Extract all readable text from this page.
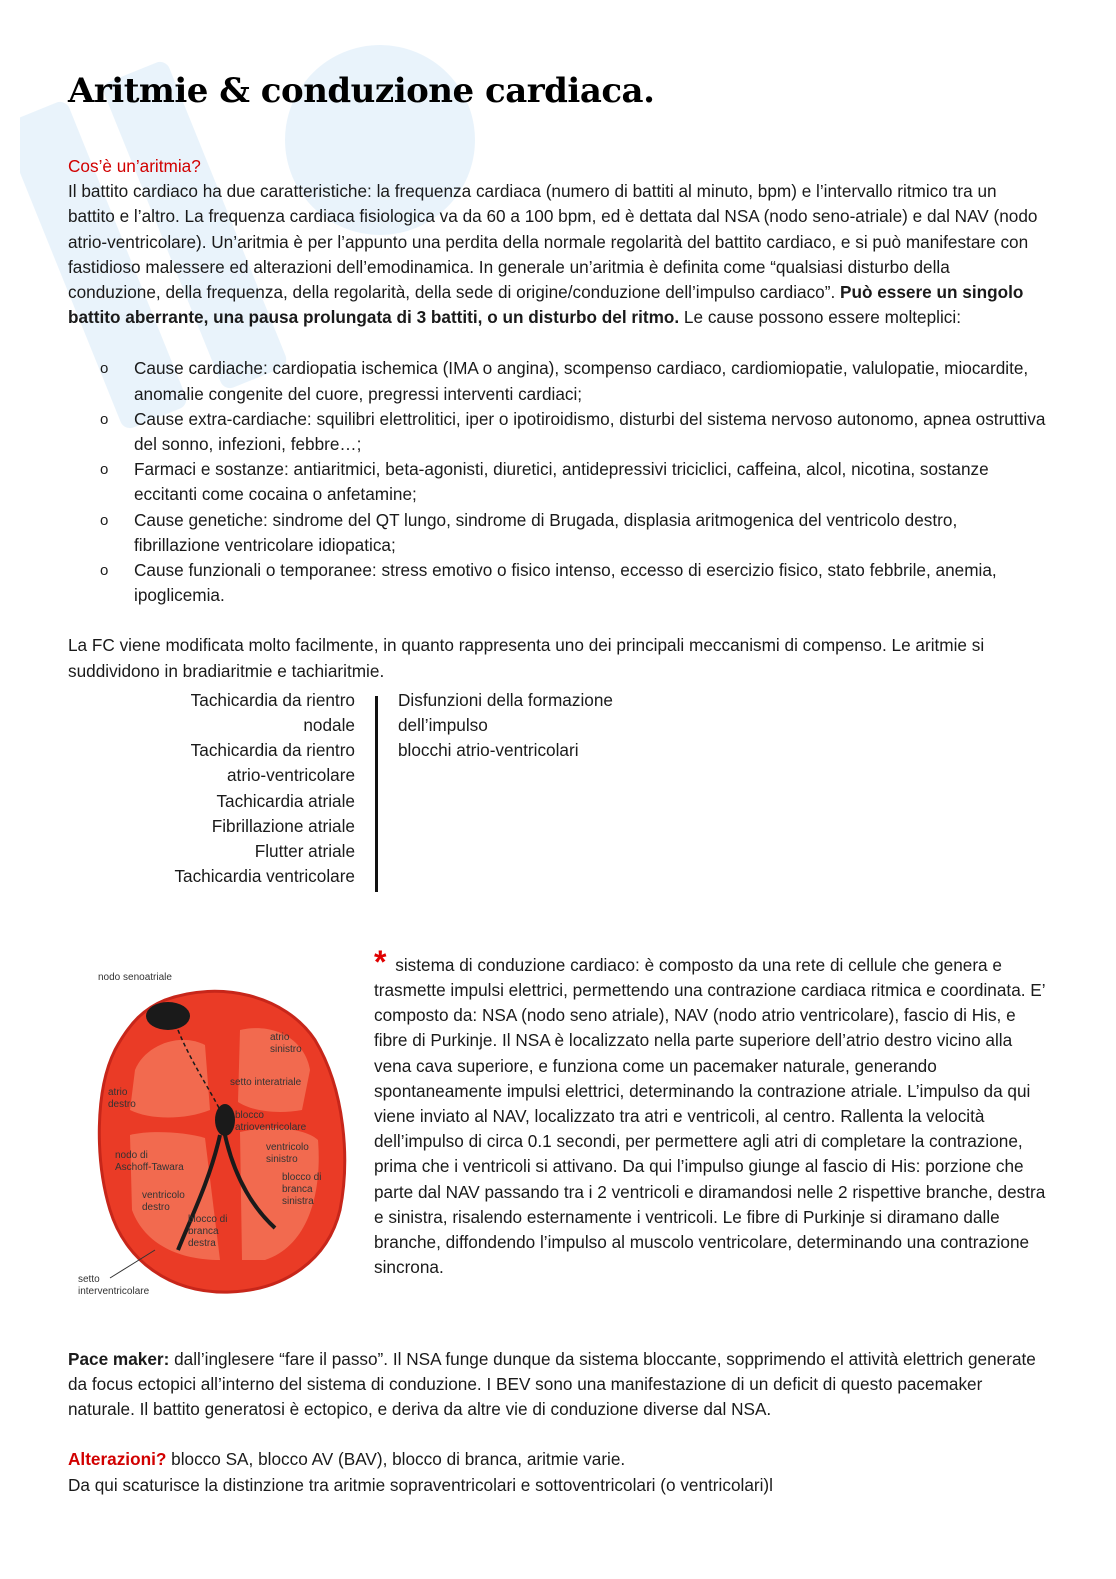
Aritmie & conduzione cardiaca.

Cos’è un’aritmia?

Il battito cardiaco ha due caratteristiche: la frequenza cardiaca (numero di battiti al minuto, bpm) e l’intervallo ritmico tra un battito e l’altro. La frequenza cardiaca fisiologica va da 60 a 100 bpm, ed è dettata dal NSA (nodo seno-atriale) e dal NAV (nodo atrio-ventricolare). Un’aritmia è per l’appunto una perdita della normale regolarità del battito cardiaco, e si può manifestare con fastidioso malessere ed alterazioni dell’emodinamica. In generale un’aritmia è definita come “qualsiasi disturbo della conduzione, della frequenza, della regolarità, della sede di origine/conduzione dell’impulso cardiaco”. Può essere un singolo battito aberrante, una pausa prolungata di 3 battiti, o un disturbo del ritmo. Le cause possono essere molteplici:

o Cause cardiache: cardiopatia ischemica (IMA o angina), scompenso cardiaco, cardiomiopatie, valulopatie, miocardite, anomalie congenite del cuore, pregressi interventi cardiaci;
o Cause extra-cardiache: squilibri elettrolitici, iper o ipotiroidismo, disturbi del sistema nervoso autonomo, apnea ostruttiva del sonno, infezioni, febbre…;
o Farmaci e sostanze: antiaritmici, beta-agonisti, diuretici, antidepressivi triciclici, caffeina, alcol, nicotina, sostanze eccitanti come cocaina o anfetamine;
o Cause genetiche: sindrome del QT lungo, sindrome di Brugada, displasia aritmogenica del ventricolo destro, fibrillazione ventricolare idiopatica;
o Cause funzionali o temporanee: stress emotivo o fisico intenso, eccesso di esercizio fisico, stato febbrile, anemia, ipoglicemia.

La FC viene modificata molto facilmente, in quanto rappresenta uno dei principali meccanismi di compenso. Le aritmie si suddividono in bradiaritmie e tachiaritmie.

Tachicardia da rientro
nodale
Tachicardia da rientro
atrio-ventricolare
Tachicardia atriale
Fibrillazione atriale
Flutter atriale
Tachicardia ventricolare
Disfunzioni della formazione
dell’impulso
blocchi atrio-ventricolari
nodo senoatriale
atrio
sinistro
setto interatriale
atrio
destro
blocco
atrioventricolare
nodo di
Aschoff-Tawara
ventricolo
sinistro
ventricolo
destro
blocco di
branca
sinistra
blocco di
branca
destra
setto
interventricolare

* sistema di conduzione cardiaco: è composto da una rete di cellule che genera e trasmette impulsi elettrici, permettendo una contrazione cardiaca ritmica e coordinata. E’ composto da: NSA (nodo seno atriale), NAV (nodo atrio ventricolare), fascio di His, e fibre di Purkinje. Il NSA è localizzato nella parte superiore dell’atrio destro vicino alla vena cava superiore, e funziona come un pacemaker naturale, generando spontaneamente impulsi elettrici, determinando la contrazione atriale. L’impulso da qui viene inviato al NAV, localizzato tra atri e ventricoli, al centro. Rallenta la velocità dell’impulso di circa 0.1 secondi, per permettere agli atri di completare la contrazione, prima che i ventricoli si attivano. Da qui l’impulso giunge al fascio di His: porzione che parte dal NAV passando tra i 2 ventricoli e diramandosi nelle 2 rispettive branche, destra e sinistra, risalendo esternamente i ventricoli. Le fibre di Purkinje si diramano dalle branche, diffondendo l’impulso al muscolo ventricolare, determinando una contrazione sincrona.

Pace maker: dall’inglesere “fare il passo”. Il NSA funge dunque da sistema bloccante, sopprimendo el attività elettrich generate da focus ectopici all’interno del sistema di conduzione. I BEV sono una manifestazione di un deficit di questo pacemaker naturale. Il battito generatosi è ectopico, e deriva da altre vie di conduzione diverse dal NSA.

Alterazioni? blocco SA, blocco AV (BAV), blocco di branca, aritmie varie.

Da qui scaturisce la distinzione tra aritmie sopraventricolari e sottoventricolari (o ventricolari)l
